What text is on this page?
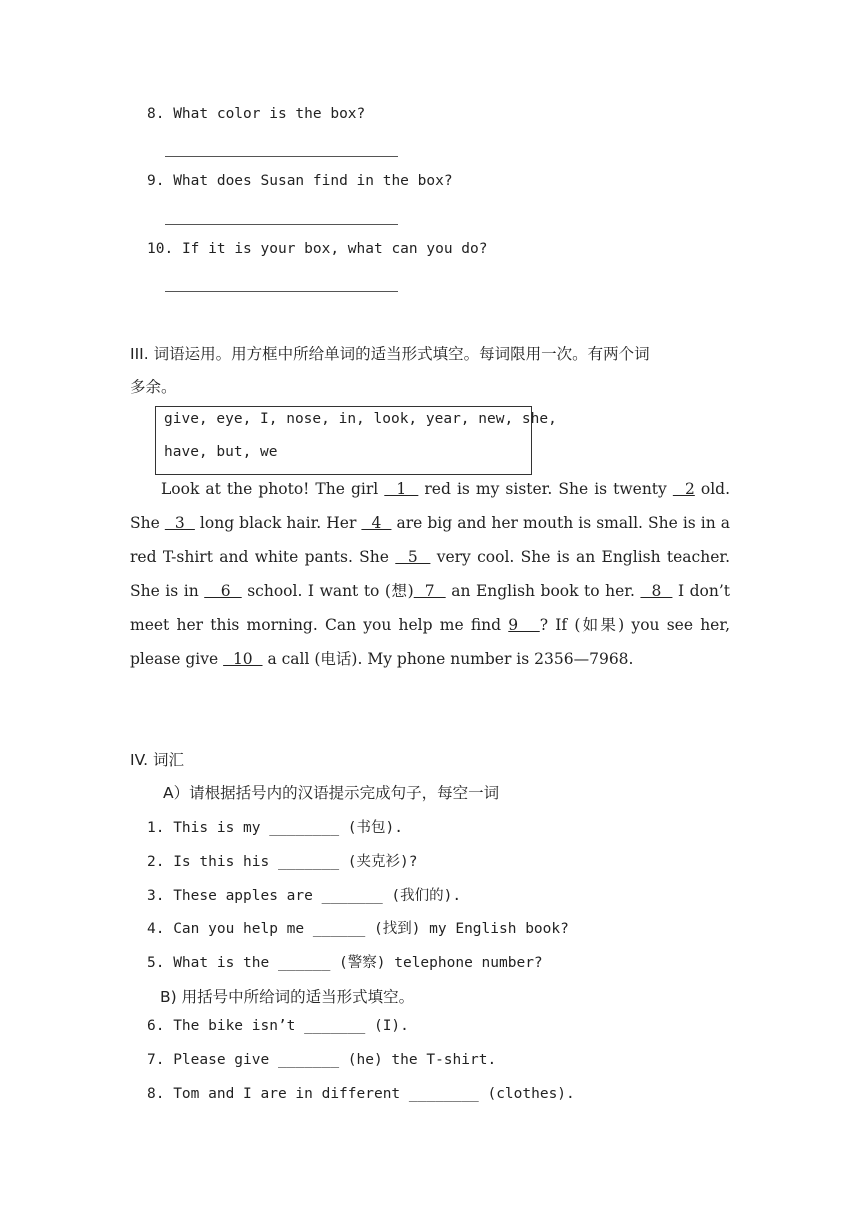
8. What color is the box?
9. What does Susan find in the box?
10. If it is your box, what can you do?
III. 词语运用。用方框中所给单词的适当形式填空。每词限用一次。有两个词
多余。
give, eye, I, nose, in, look, year, new, she,
have, but, we
Look at the photo! The girl   1   red is my sister. She is twenty   2 old. She   3   long black hair. Her   4   are big and her mouth is small. She is in a red T-shirt and white pants. She   5   very cool. She is an English teacher. She is in    6   school. I want to (想)  7   an English book to her.   8   I don’t meet her this morning. Can you help me find 9   ? If (如果) you see her, please give   10   a call (电话). My phone number is 2356—7968.
IV. 词汇
A）请根据括号内的汉语提示完成句子，每空一词
1. This is my ________ (书包).
2. Is this his _______ (夹克衫)?
3. These apples are _______ (我们的).
4. Can you help me ______ (找到) my English book?
5. What is the ______ (警察) telephone number?
B) 用括号中所给词的适当形式填空。
6. The bike isn’t _______ (I).
7. Please give _______ (he) the T-shirt.
8. Tom and I are in different ________ (clothes).
